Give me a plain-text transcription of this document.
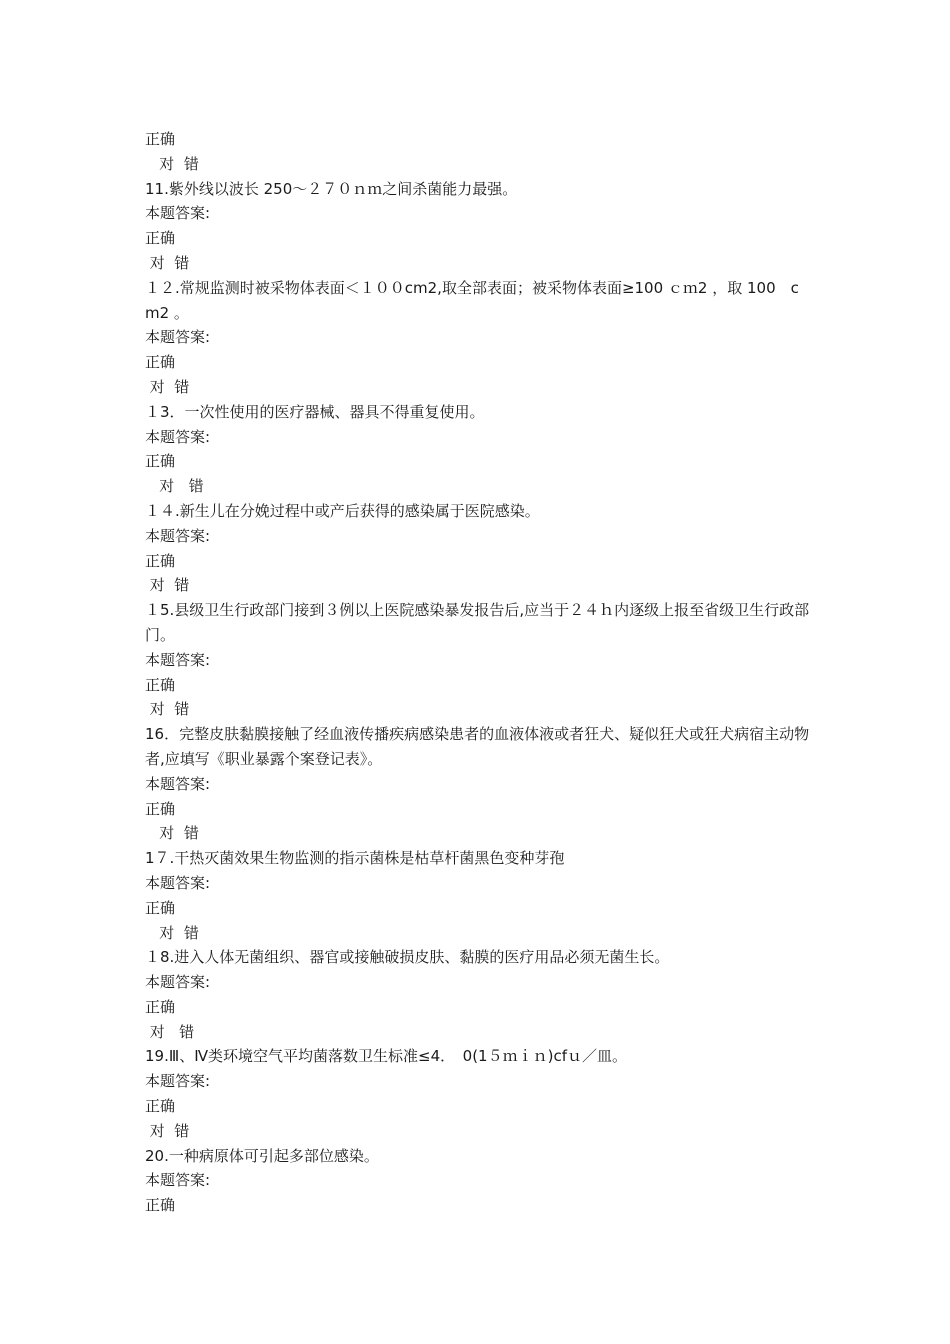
正确

对  错

11.紫外线以波长 250～２７０ｎｍ之间杀菌能力最强。

本题答案:

正确

对  错

１２.常规监测时被采物体表面＜１００cm2,取全部表面；被采物体表面≥100 ｃｍ2 ，取 100　cm2 。

本题答案:

正确

对  错

１3．一次性使用的医疗器械、器具不得重复使用。

本题答案:

正确

对   错

１４.新生儿在分娩过程中或产后获得的感染属于医院感染。

本题答案:

正确

对  错

１5.县级卫生行政部门接到３例以上医院感染暴发报告后,应当于２４ｈ内逐级上报至省级卫生行政部门。

本题答案:

正确

对  错

16．完整皮肤黏膜接触了经血液传播疾病感染患者的血液体液或者狂犬、疑似狂犬或狂犬病宿主动物者,应填写《职业暴露个案登记表》。

本题答案:

正确

对  错

1７.干热灭菌效果生物监测的指示菌株是枯草杆菌黑色变种芽孢

本题答案:

正确

对  错

１8.进入人体无菌组织、器官或接触破损皮肤、黏膜的医疗用品必须无菌生长。

本题答案:

正确

对   错

19.Ⅲ、Ⅳ类环境空气平均菌落数卫生标准≤4．　0(1５ｍｉｎ)cfｕ／皿。

本题答案:

正确

对  错

20.一种病原体可引起多部位感染。

本题答案:

正确
